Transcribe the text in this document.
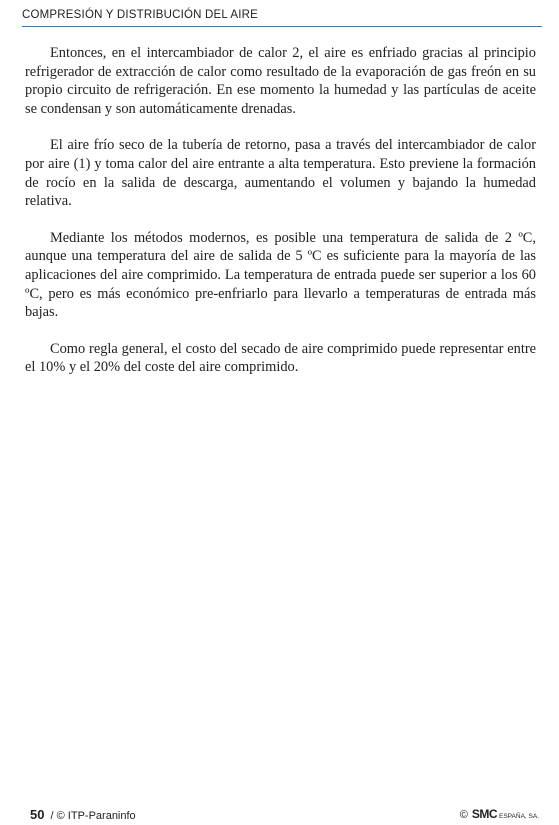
COMPRESIÓN Y DISTRIBUCIÓN DEL AIRE

Entonces, en el intercambiador de calor 2, el aire es enfriado gracias al principio refrigerador de extracción de calor como resultado de la evaporación de gas freón en su propio circuito de refrigeración. En ese momento la humedad y las partículas de aceite se condensan y son automáticamente drenadas.

El aire frío seco de la tubería de retorno, pasa a través del intercambiador de calor por aire (1) y toma calor del aire entrante a alta temperatura. Esto previene la formación de rocío en la salida de descarga, aumentando el volumen y bajando la humedad relativa.

Mediante los métodos modernos, es posible una temperatura de salida de 2 ºC, aunque una temperatura del aire de salida de 5 ºC es suficiente para la mayoría de las aplicaciones del aire comprimido. La temperatura de entrada puede ser superior a los 60 ºC, pero es más económico pre-enfriarlo para llevarlo a temperaturas de entrada más bajas.

Como regla general, el costo del secado de aire comprimido puede representar entre el 10% y el 20% del coste del aire comprimido.

50 / © ITP-Paraninfo	© SMC ESPAÑA, SA.
